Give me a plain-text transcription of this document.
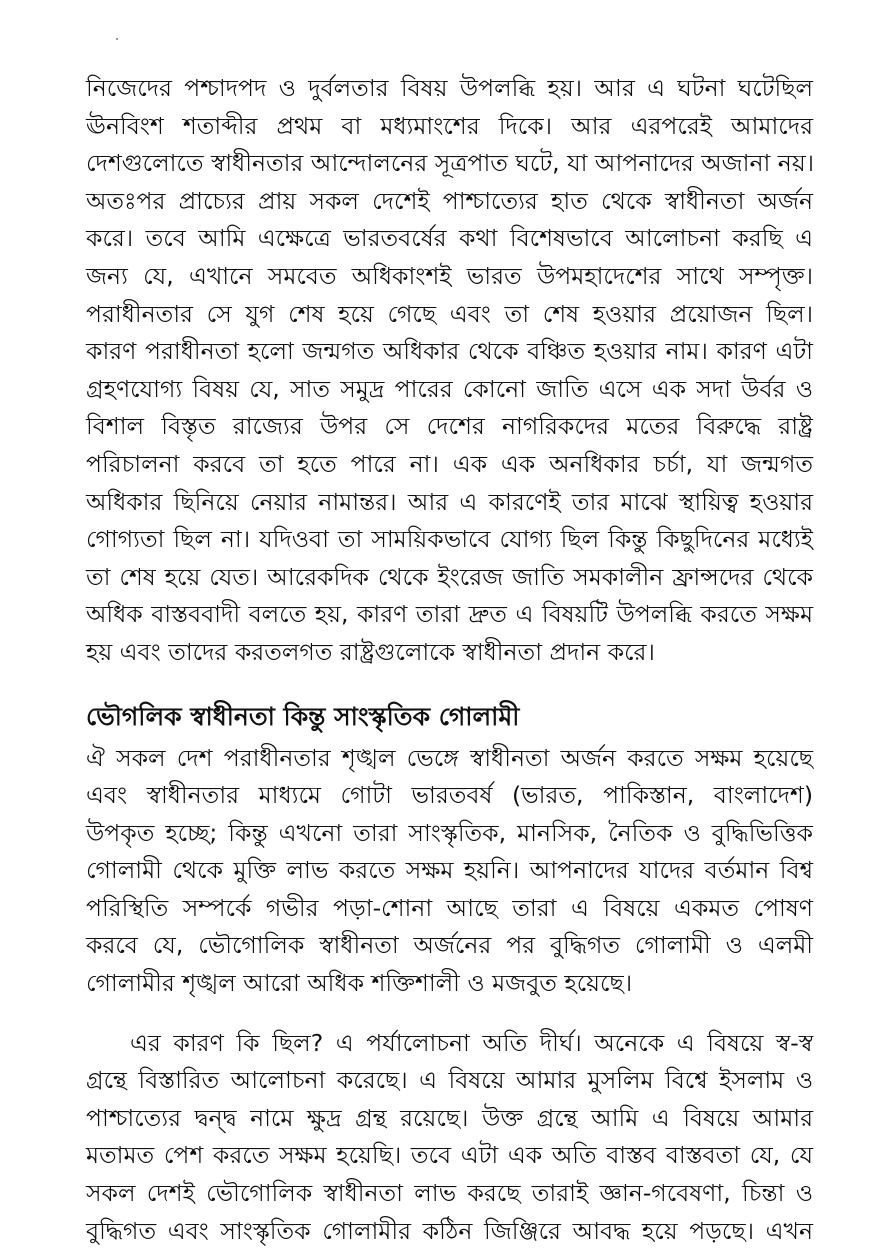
নিজেদের পশ্চাদপদ ও দুর্বলতার বিষয় উপলব্ধি হয়। আর এ ঘটনা ঘটেছিল
ঊনবিংশ শতাব্দীর প্রথম বা মধ্যমাংশের দিকে। আর এরপরেই আমাদের
দেশগুলোতে স্বাধীনতার আন্দোলনের সূত্রপাত ঘটে, যা আপনাদের অজানা নয়।
অতঃপর প্রাচ্যের প্রায় সকল দেশেই পাশ্চাত্যের হাত থেকে স্বাধীনতা অর্জন
করে। তবে আমি এক্ষেত্রে ভারতবর্ষের কথা বিশেষভাবে আলোচনা করছি এ
জন্য যে, এখানে সমবেত অধিকাংশই ভারত উপমহাদেশের সাথে সম্পৃক্ত।
পরাধীনতার সে যুগ শেষ হয়ে গেছে এবং তা শেষ হওয়ার প্রয়োজন ছিল।
কারণ পরাধীনতা হলো জন্মগত অধিকার থেকে বঞ্চিত হওয়ার নাম। কারণ এটা
গ্রহণযোগ্য বিষয় যে, সাত সমুদ্র পারের কোনো জাতি এসে এক সদা উর্বর ও
বিশাল বিস্তৃত রাজ্যের উপর সে দেশের নাগরিকদের মতের বিরুদ্ধে রাষ্ট্র
পরিচালনা করবে তা হতে পারে না। এক এক অনধিকার চর্চা, যা জন্মগত
অধিকার ছিনিয়ে নেয়ার নামান্তর। আর এ কারণেই তার মাঝে স্থায়িত্ব হওয়ার
গোগ্যতা ছিল না। যদিওবা তা সাময়িকভাবে যোগ্য ছিল কিন্তু কিছুদিনের মধ্যেই
তা শেষ হয়ে যেত। আরেকদিক থেকে ইংরেজ জাতি সমকালীন ফ্রান্সদের থেকে
অধিক বাস্তববাদী বলতে হয়, কারণ তারা দ্রুত এ বিষয়টি উপলব্ধি করতে সক্ষম
হয় এবং তাদের করতলগত রাষ্ট্রগুলোকে স্বাধীনতা প্রদান করে।
ভৌগলিক স্বাধীনতা কিন্তু সাংস্কৃতিক গোলামী
ঐ সকল দেশ পরাধীনতার শৃঙ্খল ভেঙ্গে স্বাধীনতা অর্জন করতে সক্ষম হয়েছে
এবং স্বাধীনতার মাধ্যমে গোটা ভারতবর্ষ (ভারত, পাকিস্তান, বাংলাদেশ)
উপকৃত হচ্ছে; কিন্তু এখনো তারা সাংস্কৃতিক, মানসিক, নৈতিক ও বুদ্ধিভিত্তিক
গোলামী থেকে মুক্তি লাভ করতে সক্ষম হয়নি। আপনাদের যাদের বর্তমান বিশ্ব
পরিস্থিতি সম্পর্কে গভীর পড়া-শোনা আছে তারা এ বিষয়ে একমত পোষণ
করবে যে, ভৌগোলিক স্বাধীনতা অর্জনের পর বুদ্ধিগত গোলামী ও এলমী
গোলামীর শৃঙ্খল আরো অধিক শক্তিশালী ও মজবুত হয়েছে।
এর কারণ কি ছিল? এ পর্যালোচনা অতি দীর্ঘ। অনেকে এ বিষয়ে স্ব-স্ব
গ্রন্থে বিস্তারিত আলোচনা করেছে। এ বিষয়ে আমার মুসলিম বিশ্বে ইসলাম ও
পাশ্চাত্যের দ্বন্দ্ব নামে ক্ষুদ্র গ্রন্থ রয়েছে। উক্ত গ্রন্থে আমি এ বিষয়ে আমার
মতামত পেশ করতে সক্ষম হয়েছি। তবে এটা এক অতি বাস্তব বাস্তবতা যে, যে
সকল দেশই ভৌগোলিক স্বাধীনতা লাভ করছে তারাই জ্ঞান-গবেষণা, চিন্তা ও
বুদ্ধিগত এবং সাংস্কৃতিক গোলামীর কঠিন জিঞ্জিরে আবদ্ধ হয়ে পড়ছে। এখন
